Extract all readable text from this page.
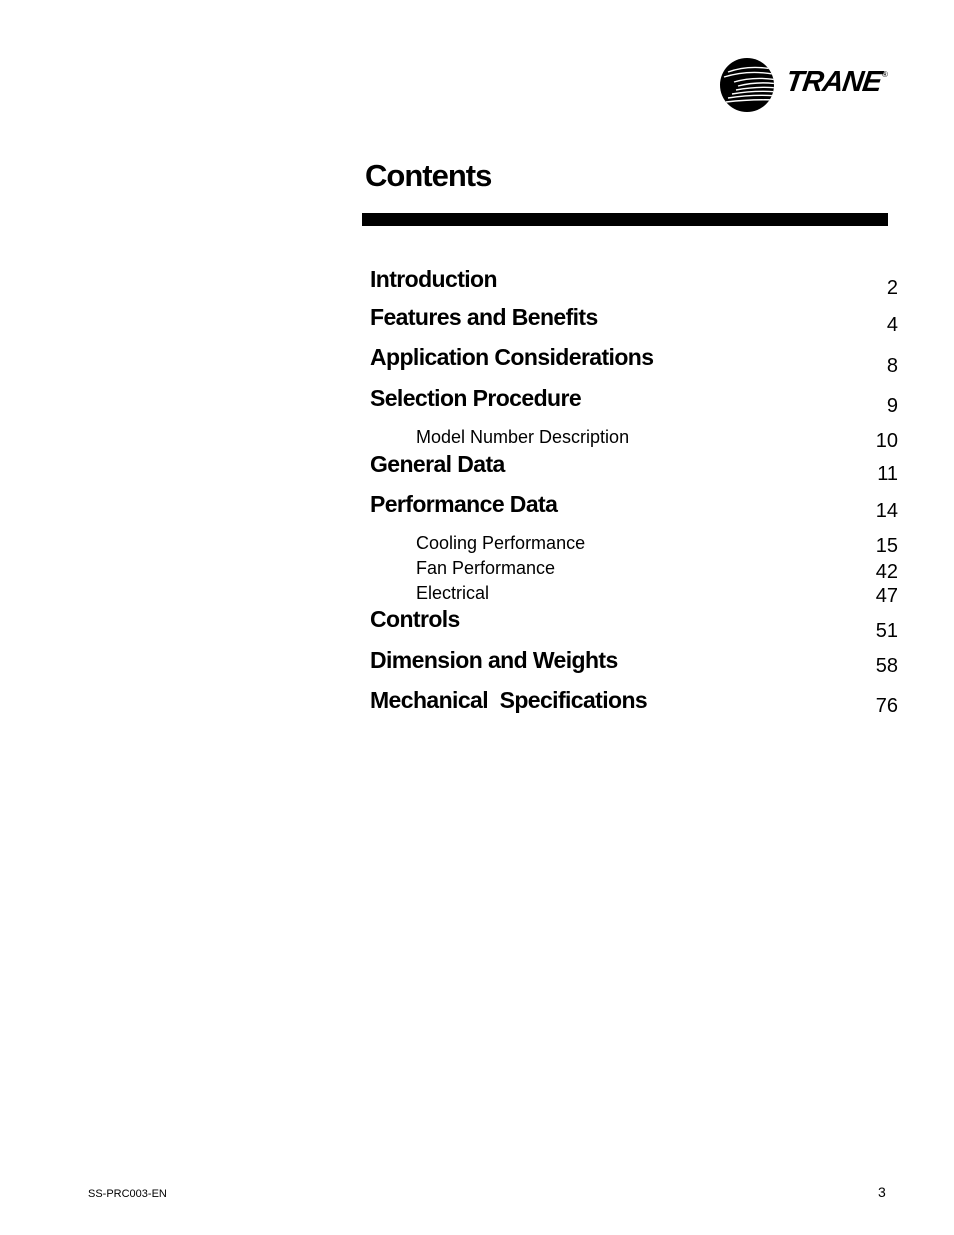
TRANE
®
Contents
Introduction	2
Features and Benefits	4
Application Considerations	8
Selection Procedure	9
Model Number Description	10
General Data	11
Performance Data	14
Cooling Performance	15
Fan Performance	42
Electrical	47
Controls	51
Dimension and Weights	58
Mechanical  Specifications	76
SS-PRC003-EN	3
